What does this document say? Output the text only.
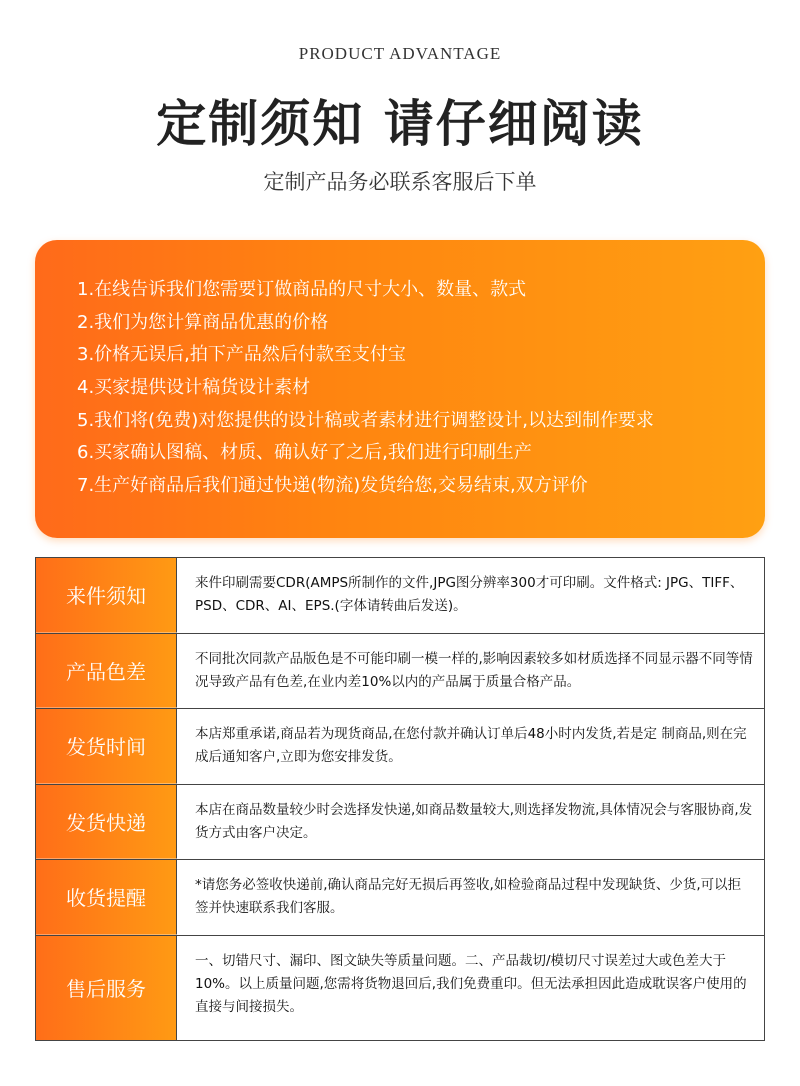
PRODUCT ADVANTAGE
定制须知 请仔细阅读
定制产品务必联系客服后下单
1.在线告诉我们您需要订做商品的尺寸大小、数量、款式
2.我们为您计算商品优惠的价格
3.价格无误后,拍下产品然后付款至支付宝
4.买家提供设计稿货设计素材
5.我们将(免费)对您提供的设计稿或者素材进行调整设计,以达到制作要求
6.买家确认图稿、材质、确认好了之后,我们进行印刷生产
7.生产好商品后我们通过快递(物流)发货给您,交易结束,双方评价
来件须知
来件印刷需要CDR(AMPS所制作的文件,JPG图分辨率300才可印刷。文件格式: JPG、TIFF、PSD、CDR、AI、EPS.(字体请转曲后发送)。
产品色差
不同批次同款产品版色是不可能印刷一模一样的,影响因素较多如材质选择不同显示器不同等情况导致产品有色差,在业内差10%以内的产品属于质量合格产品。
发货时间
本店郑重承诺,商品若为现货商品,在您付款并确认订单后48小时内发货,若是定 制商品,则在完成后通知客户,立即为您安排发货。
发货快递
本店在商品数量较少时会选择发快递,如商品数量较大,则选择发物流,具体情况会与客服协商,发货方式由客户决定。
收货提醒
*请您务必签收快递前,确认商品完好无损后再签收,如检验商品过程中发现缺货、少货,可以拒签并快速联系我们客服。
售后服务
一、切错尺寸、漏印、图文缺失等质量问题。二、产品裁切/模切尺寸误差过大或色差大于10%。以上质量问题,您需将货物退回后,我们免费重印。但无法承担因此造成耽误客户使用的直接与间接损失。
